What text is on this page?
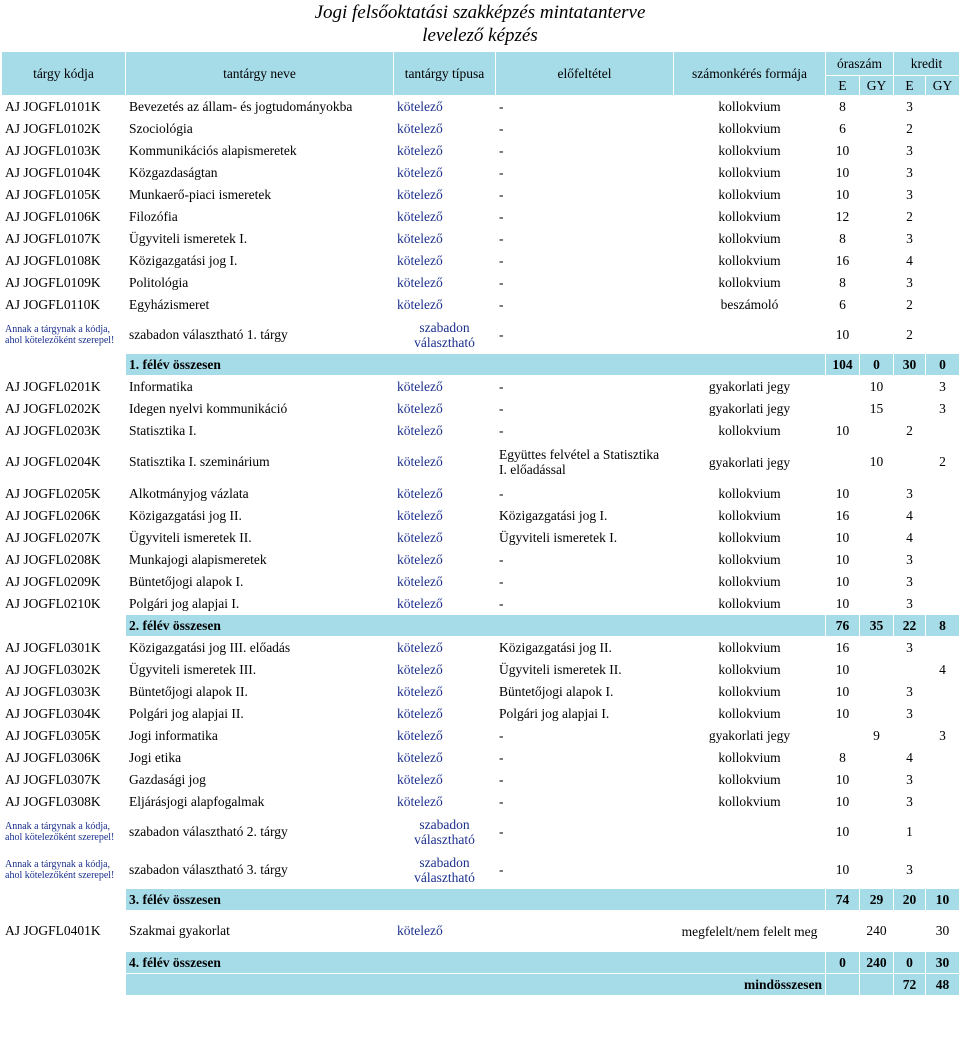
Jogi felsőoktatási szakképzés mintatanterve
levelező képzés
tárgy kódja	tantárgy neve	tantárgy típusa	előfeltétel	számonkérés formája	óraszám		kredit	
					E	GY	E	GY
AJ JOGFL0101K	Bevezetés az állam- és jogtudományokba	kötelező	-	kollokvium	8		3	
AJ JOGFL0102K	Szociológia	kötelező	-	kollokvium	6		2	
AJ JOGFL0103K	Kommunikációs alapismeretek	kötelező	-	kollokvium	10		3	
AJ JOGFL0104K	Közgazdaságtan	kötelező	-	kollokvium	10		3	
AJ JOGFL0105K	Munkaerő-piaci ismeretek	kötelező	-	kollokvium	10		3	
AJ JOGFL0106K	Filozófia	kötelező	-	kollokvium	12		2	
AJ JOGFL0107K	Ügyviteli ismeretek I.	kötelező	-	kollokvium	8		3	
AJ JOGFL0108K	Közigazgatási jog I.	kötelező	-	kollokvium	16		4	
AJ JOGFL0109K	Politológia	kötelező	-	kollokvium	8		3	
AJ JOGFL0110K	Egyházismeret	kötelező	-	beszámoló	6		2	
Annak a tárgynak a kódja, ahol kötelezőként szerepel!	szabadon választható 1. tárgy	szabadon választható	-		10		2	
	1. félév összesen				104	0	30	0
AJ JOGFL0201K	Informatika	kötelező	-	gyakorlati jegy		10		3
AJ JOGFL0202K	Idegen nyelvi kommunikáció	kötelező	-	gyakorlati jegy		15		3
AJ JOGFL0203K	Statisztika I.	kötelező	-	kollokvium	10		2	
AJ JOGFL0204K	Statisztika I. szeminárium	kötelező	Együttes felvétel a Statisztika I. előadással	gyakorlati jegy		10		2
AJ JOGFL0205K	Alkotmányjog vázlata	kötelező	-	kollokvium	10		3	
AJ JOGFL0206K	Közigazgatási jog II.	kötelező	Közigazgatási jog I.	kollokvium	16		4	
AJ JOGFL0207K	Ügyviteli ismeretek II.	kötelező	Ügyviteli ismeretek I.	kollokvium	10		4	
AJ JOGFL0208K	Munkajogi alapismeretek	kötelező	-	kollokvium	10		3	
AJ JOGFL0209K	Büntetőjogi alapok I.	kötelező	-	kollokvium	10		3	
AJ JOGFL0210K	Polgári jog alapjai I.	kötelező	-	kollokvium	10		3	
	2. félév összesen				76	35	22	8
AJ JOGFL0301K	Közigazgatási jog III. előadás	kötelező	Közigazgatási jog II.	kollokvium	16		3	
AJ JOGFL0302K	Ügyviteli ismeretek III.	kötelező	Ügyviteli ismeretek II.	kollokvium	10			4
AJ JOGFL0303K	Büntetőjogi alapok II.	kötelező	Büntetőjogi alapok I.	kollokvium	10		3	
AJ JOGFL0304K	Polgári jog alapjai II.	kötelező	Polgári jog alapjai I.	kollokvium	10		3	
AJ JOGFL0305K	Jogi informatika	kötelező	-	gyakorlati jegy		9		3
AJ JOGFL0306K	Jogi etika	kötelező	-	kollokvium	8		4	
AJ JOGFL0307K	Gazdasági jog	kötelező	-	kollokvium	10		3	
AJ JOGFL0308K	Eljárásjogi alapfogalmak	kötelező	-	kollokvium	10		3	
Annak a tárgynak a kódja, ahol kötelezőként szerepel!	szabadon választható 2. tárgy	szabadon választható	-		10		1	
Annak a tárgynak a kódja, ahol kötelezőként szerepel!	szabadon választható 3. tárgy	szabadon választható	-		10		3	
	3. félév összesen				74	29	20	10
AJ JOGFL0401K	Szakmai gyakorlat	kötelező		megfelelt/nem felelt meg		240		30
	4. félév összesen				0	240	0	30
	mindösszesen						72	48
